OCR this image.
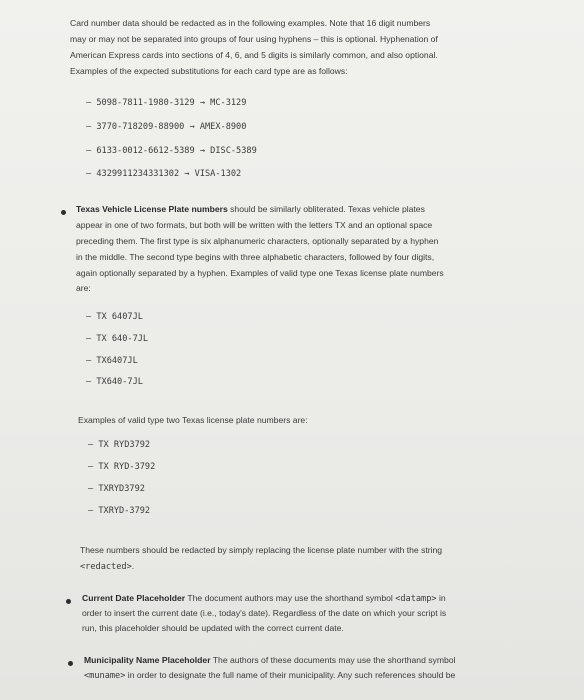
Card number data should be redacted as in the following examples. Note that 16 digit numbers

may or may not be separated into groups of four using hyphens – this is optional. Hyphenation of

American Express cards into sections of 4, 6, and 5 digits is similarly common, and also optional.

Examples of the expected substitutions for each card type are as follows:

– 5098-7811-1980-3129 → MC-3129

– 3770-718209-88900 → AMEX-8900

– 6133-0012-6612-5389 → DISC-5389

– 4329911234331302 → VISA-1302

Texas Vehicle License Plate numbers should be similarly obliterated. Texas vehicle plates

appear in one of two formats, but both will be written with the letters TX and an optional space

preceding them. The first type is six alphanumeric characters, optionally separated by a hyphen

in the middle. The second type begins with three alphabetic characters, followed by four digits,

again optionally separated by a hyphen. Examples of valid type one Texas license plate numbers

are:

– TX 6407JL

– TX 640-7JL

– TX6407JL

– TX640-7JL

Examples of valid type two Texas license plate numbers are:

– TX RYD3792

– TX RYD-3792

– TXRYD3792

– TXRYD-3792

These numbers should be redacted by simply replacing the license plate number with the string

<redacted>.

Current Date Placeholder The document authors may use the shorthand symbol <datamp> in

order to insert the current date (i.e., today's date). Regardless of the date on which your script is

run, this placeholder should be updated with the correct current date.

Municipality Name Placeholder The authors of these documents may use the shorthand symbol

<muname> in order to designate the full name of their municipality. Any such references should be
